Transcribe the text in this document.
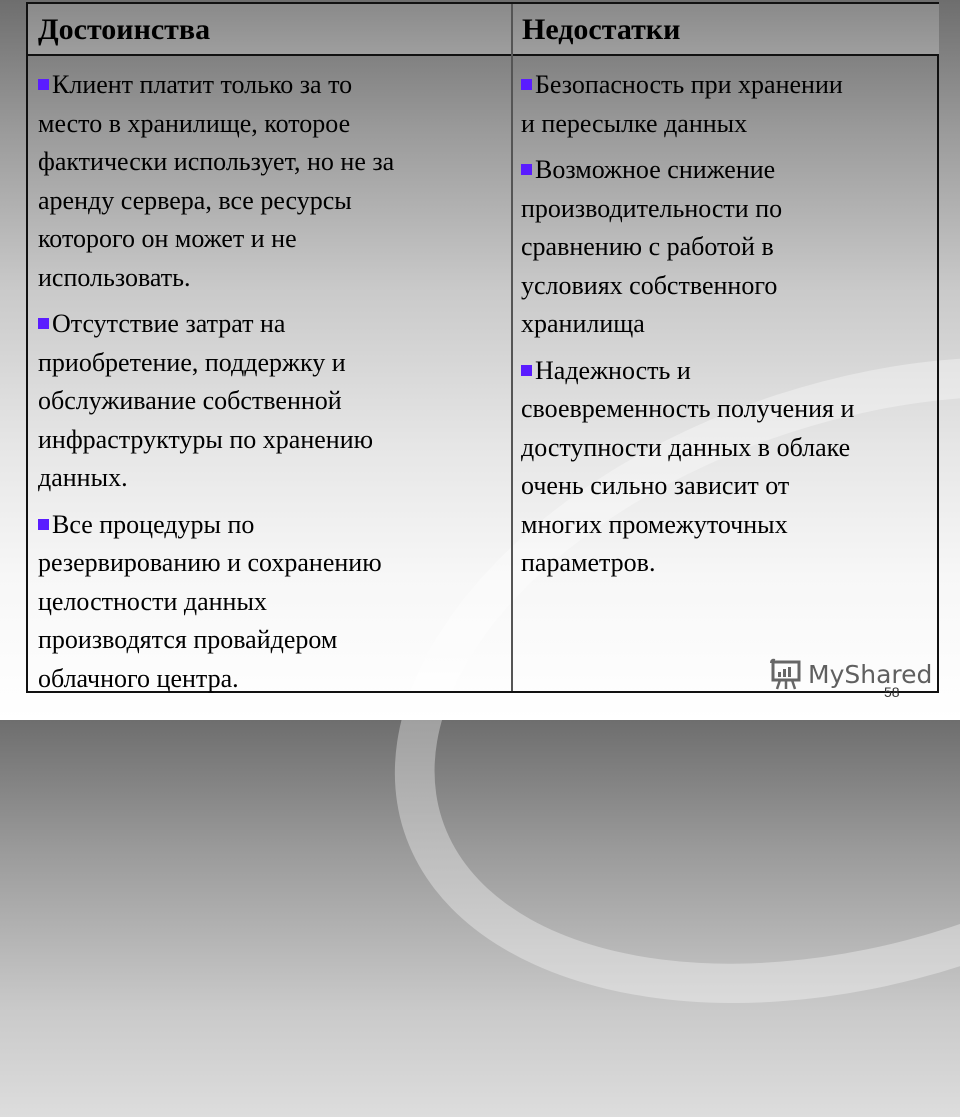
Достоинства	Недостатки
Клиент платит только за то
место в хранилище, которое
фактически использует, но не за
аренду сервера, все ресурсы
которого он может и не
использовать.
Отсутствие затрат на
приобретение, поддержку и
обслуживание собственной
инфраструктуры по хранению
данных.
Все процедуры по
резервированию и сохранению
целостности данных
производятся провайдером
облачного центра.
Безопасность при хранении
и пересылке данных
Возможное снижение
производительности по
сравнению с работой в
условиях собственного
хранилища
Надежность и
своевременность получения и
доступности данных в облаке
очень сильно зависит от
многих промежуточных
параметров.
MyShared
58
